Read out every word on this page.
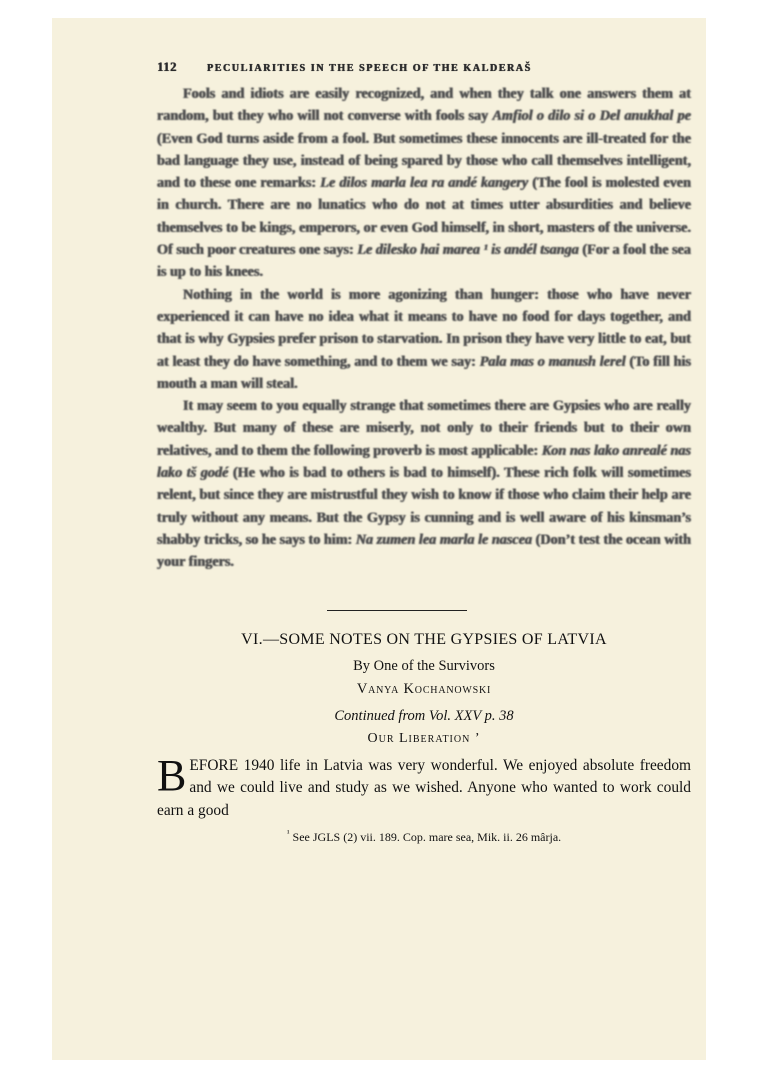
112	PECULIARITIES IN THE SPEECH OF THE KALDERAŠ

Fools and idiots are easily recognized, and when they talk one answers them at random, but they who will not converse with fools say Amfiol o dilo si o Del anukhal pe (Even God turns aside from a fool. But sometimes these innocents are ill-treated for the bad language they use, instead of being spared by those who call themselves intelligent, and to these one remarks: Le dilos marla lea ra andé kangery (The fool is molested even in church. There are no lunatics who do not at times utter absurdities and believe themselves to be kings, emperors, or even God himself, in short, masters of the universe. Of such poor creatures one says: Le dilesko hai marea ¹ is andél tsanga (For a fool the sea is up to his knees.

Nothing in the world is more agonizing than hunger: those who have never experienced it can have no idea what it means to have no food for days together, and that is why Gypsies prefer prison to starvation. In prison they have very little to eat, but at least they do have something, and to them we say: Pala mas o manush lerel (To fill his mouth a man will steal.

It may seem to you equally strange that sometimes there are Gypsies who are really wealthy. But many of these are miserly, not only to their friends but to their own relatives, and to them the following proverb is most applicable: Kon nas lako anrealé nas lako tš godé (He who is bad to others is bad to himself). These rich folk will sometimes relent, but since they are mistrustful they wish to know if those who claim their help are truly without any means. But the Gypsy is cunning and is well aware of his kinsman’s shabby tricks, so he says to him: Na zumen lea marla le nascea (Don’t test the ocean with your fingers.

VI.—SOME NOTES ON THE GYPSIES OF LATVIA
By One of the Survivors
Vanya Kochanowski
Continued from Vol. XXV p. 38
Our Liberation ’
BEFORE 1940 life in Latvia was very wonderful. We enjoyed absolute freedom and we could live and study as we wished. Anyone who wanted to work could earn a good
$^{^1}$ See JGLS (2) vii. 189. Cop. mare sea, Mik. ii. 26 mârja.
